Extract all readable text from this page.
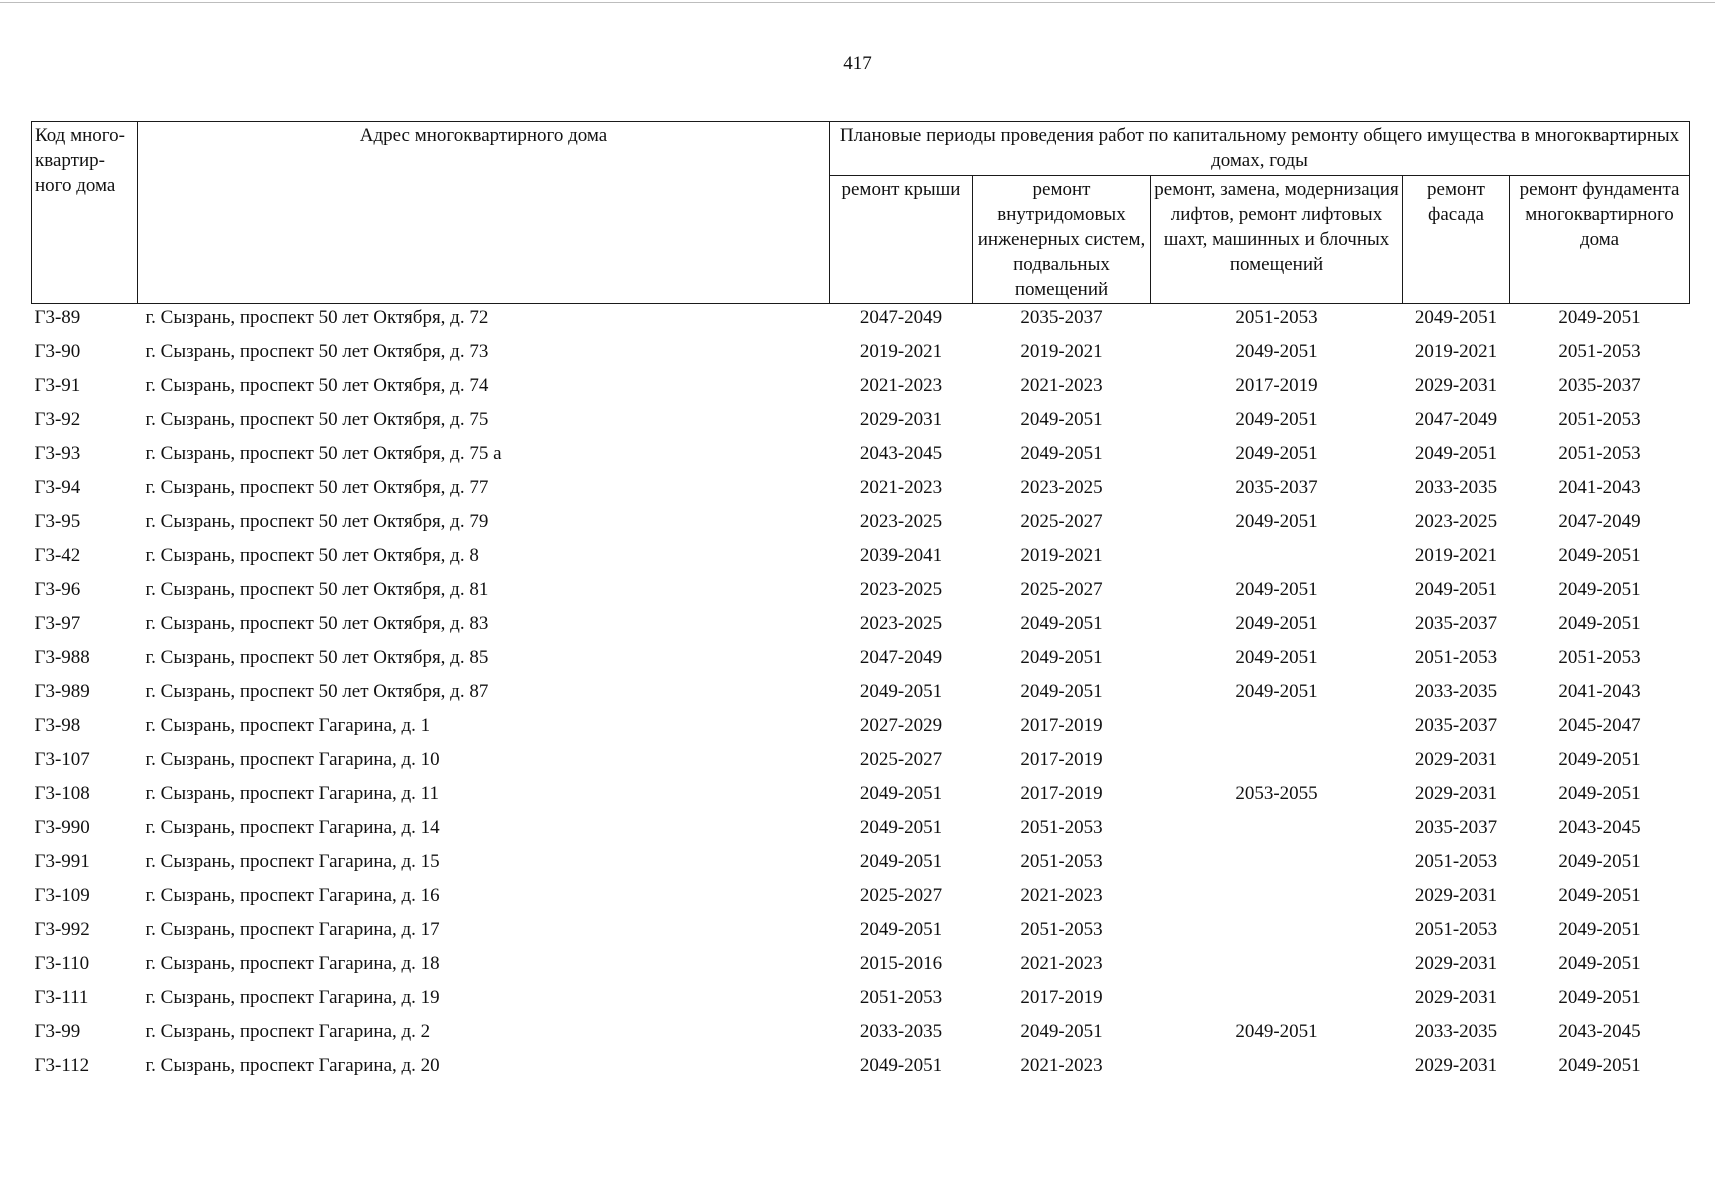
417
Код много-квартир-ного дома	Адрес многоквартирного дома	Плановые периоды проведения работ по капитальному ремонту общего имущества в многоквартирных домах, годы				
		ремонт крыши	ремонт внутридомовых инженерных систем, подвальных помещений	ремонт, замена, модернизация лифтов, ремонт лифтовых шахт, машинных и блочных помещений	ремонт фасада	ремонт фундамента многоквартирного дома
Г3-89	г. Сызрань, проспект 50 лет Октября, д. 72	2047-2049	2035-2037	2051-2053	2049-2051	2049-2051
Г3-90	г. Сызрань, проспект 50 лет Октября, д. 73	2019-2021	2019-2021	2049-2051	2019-2021	2051-2053
Г3-91	г. Сызрань, проспект 50 лет Октября, д. 74	2021-2023	2021-2023	2017-2019	2029-2031	2035-2037
Г3-92	г. Сызрань, проспект 50 лет Октября, д. 75	2029-2031	2049-2051	2049-2051	2047-2049	2051-2053
Г3-93	г. Сызрань, проспект 50 лет Октября, д. 75 а	2043-2045	2049-2051	2049-2051	2049-2051	2051-2053
Г3-94	г. Сызрань, проспект 50 лет Октября, д. 77	2021-2023	2023-2025	2035-2037	2033-2035	2041-2043
Г3-95	г. Сызрань, проспект 50 лет Октября, д. 79	2023-2025	2025-2027	2049-2051	2023-2025	2047-2049
Г3-42	г. Сызрань, проспект 50 лет Октября, д. 8	2039-2041	2019-2021		2019-2021	2049-2051
Г3-96	г. Сызрань, проспект 50 лет Октября, д. 81	2023-2025	2025-2027	2049-2051	2049-2051	2049-2051
Г3-97	г. Сызрань, проспект 50 лет Октября, д. 83	2023-2025	2049-2051	2049-2051	2035-2037	2049-2051
Г3-988	г. Сызрань, проспект 50 лет Октября, д. 85	2047-2049	2049-2051	2049-2051	2051-2053	2051-2053
Г3-989	г. Сызрань, проспект 50 лет Октября, д. 87	2049-2051	2049-2051	2049-2051	2033-2035	2041-2043
Г3-98	г. Сызрань, проспект Гагарина, д. 1	2027-2029	2017-2019		2035-2037	2045-2047
Г3-107	г. Сызрань, проспект Гагарина, д. 10	2025-2027	2017-2019		2029-2031	2049-2051
Г3-108	г. Сызрань, проспект Гагарина, д. 11	2049-2051	2017-2019	2053-2055	2029-2031	2049-2051
Г3-990	г. Сызрань, проспект Гагарина, д. 14	2049-2051	2051-2053		2035-2037	2043-2045
Г3-991	г. Сызрань, проспект Гагарина, д. 15	2049-2051	2051-2053		2051-2053	2049-2051
Г3-109	г. Сызрань, проспект Гагарина, д. 16	2025-2027	2021-2023		2029-2031	2049-2051
Г3-992	г. Сызрань, проспект Гагарина, д. 17	2049-2051	2051-2053		2051-2053	2049-2051
Г3-110	г. Сызрань, проспект Гагарина, д. 18	2015-2016	2021-2023		2029-2031	2049-2051
Г3-111	г. Сызрань, проспект Гагарина, д. 19	2051-2053	2017-2019		2029-2031	2049-2051
Г3-99	г. Сызрань, проспект Гагарина, д. 2	2033-2035	2049-2051	2049-2051	2033-2035	2043-2045
Г3-112	г. Сызрань, проспект Гагарина, д. 20	2049-2051	2021-2023		2029-2031	2049-2051
